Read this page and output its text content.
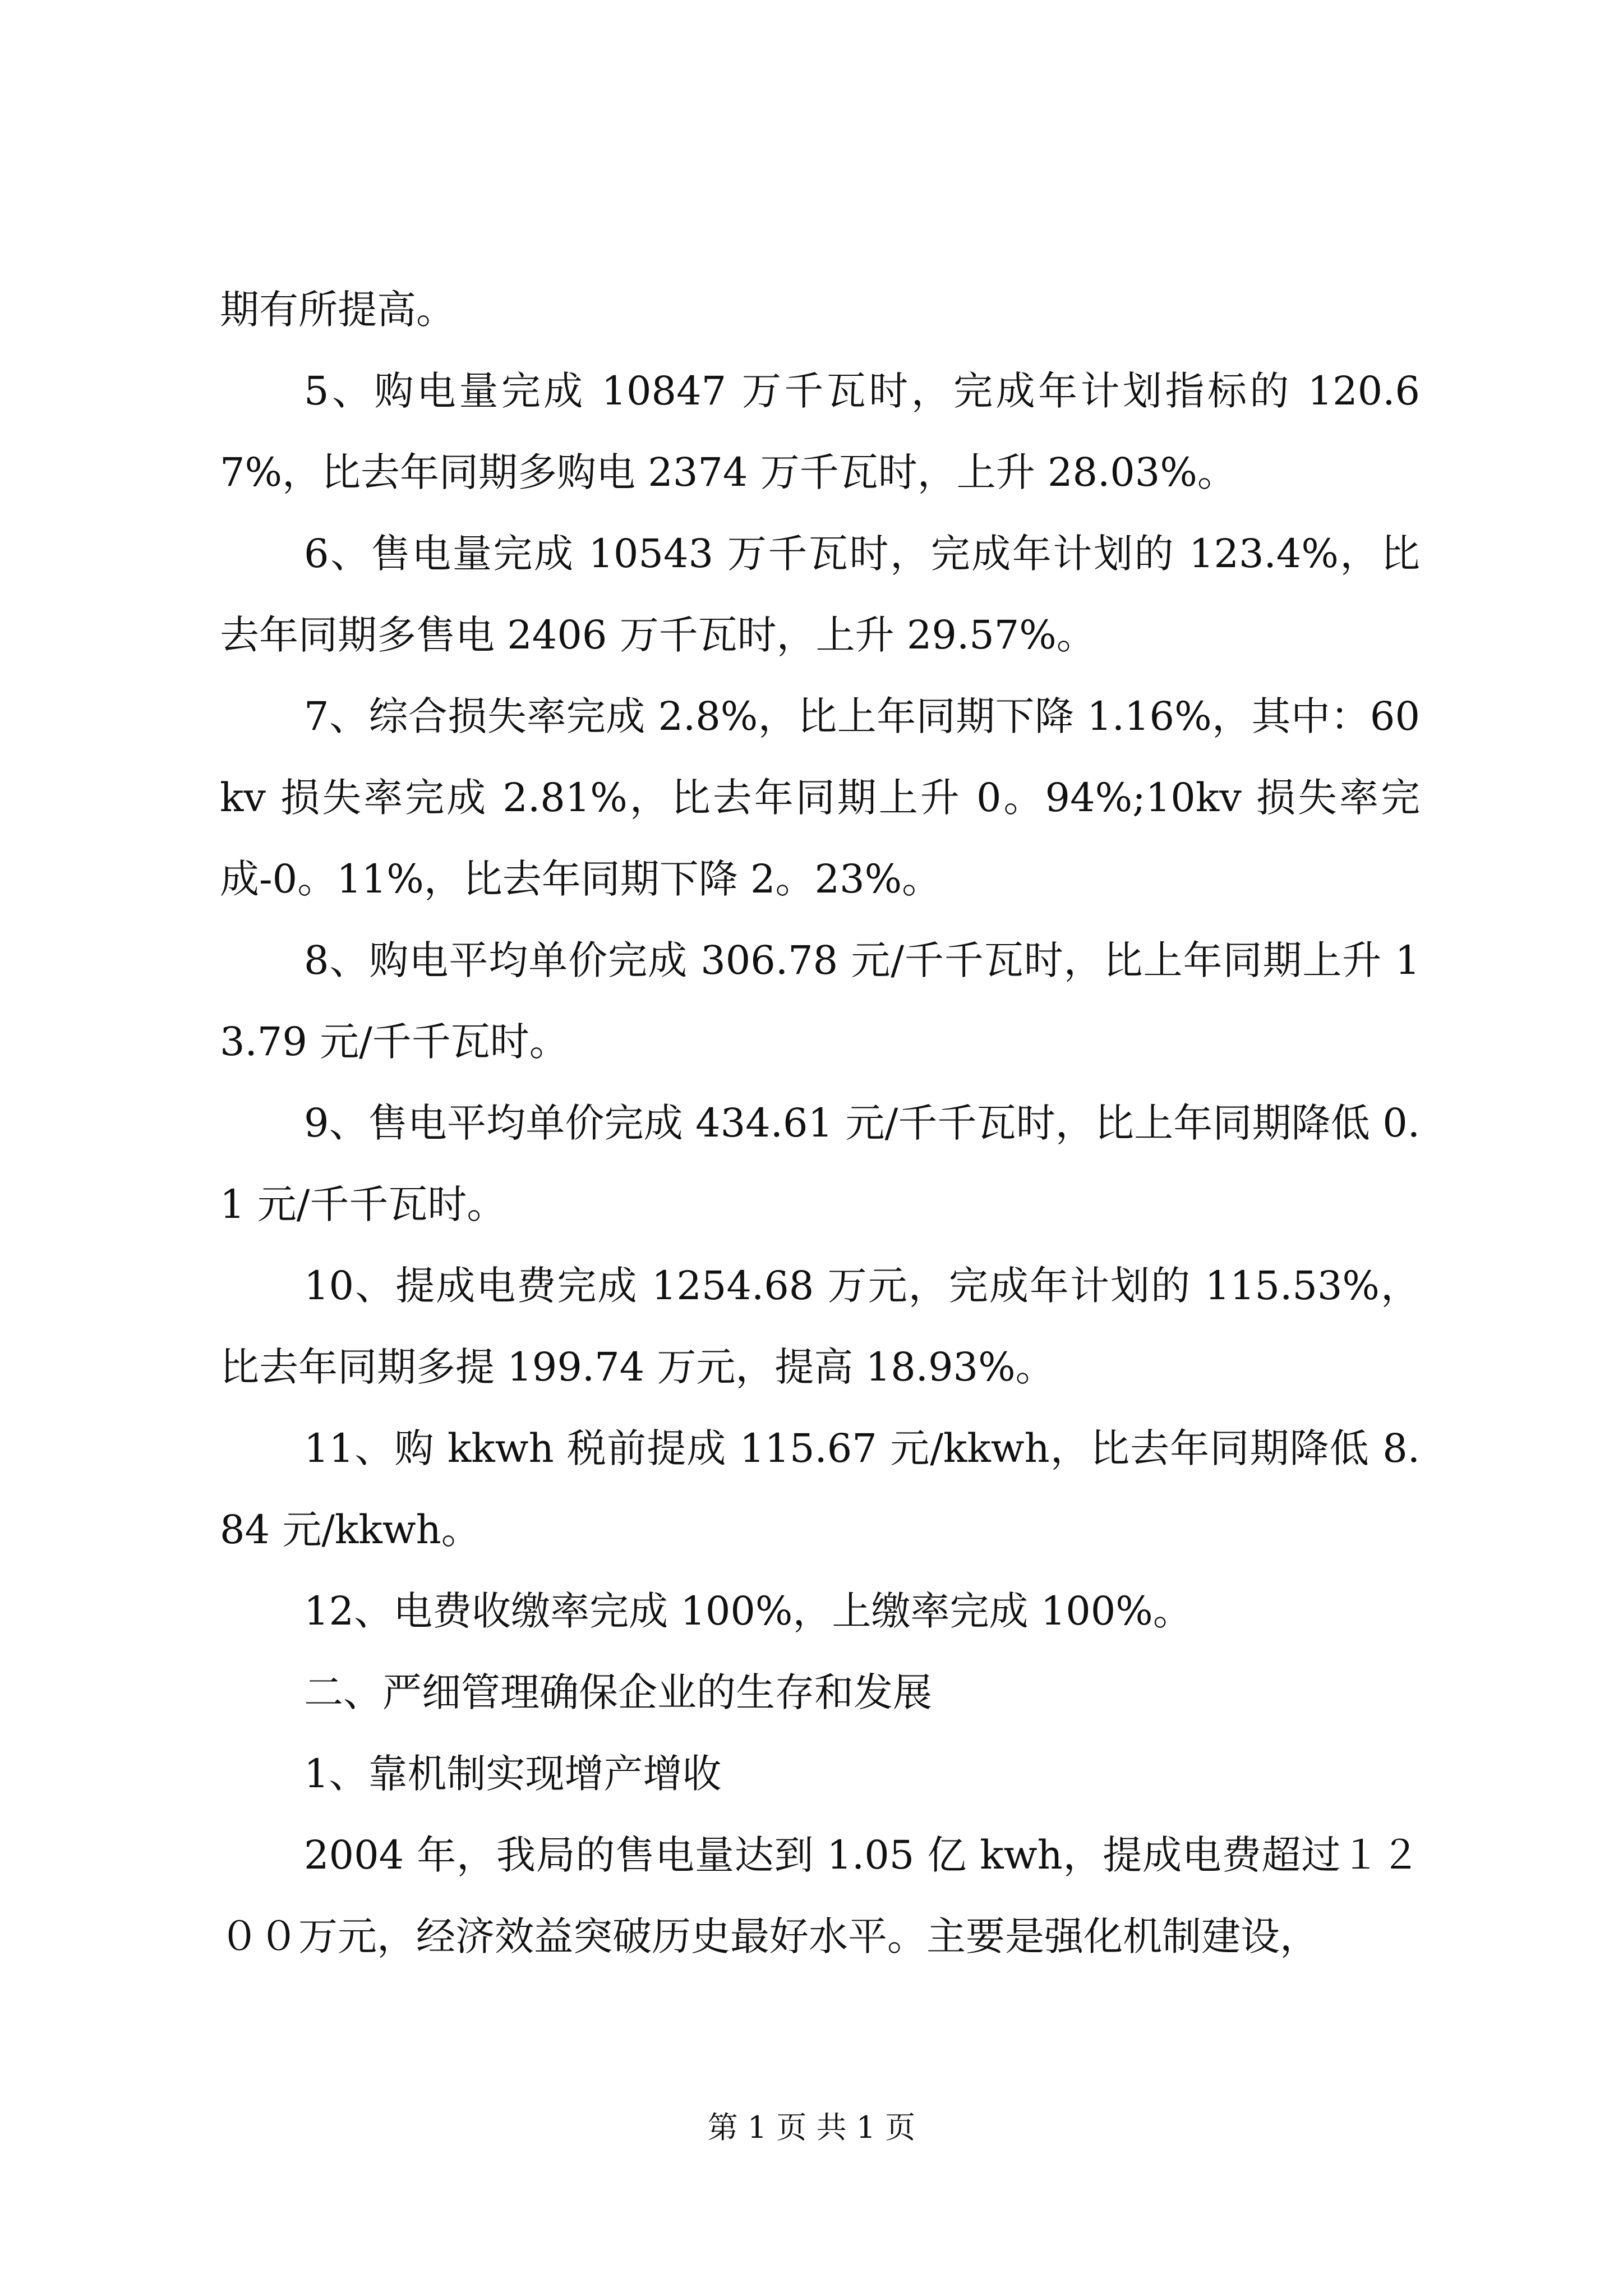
期有所提高。

5、购电量完成 10847 万千瓦时，完成年计划指标的 120.67%，比去年同期多购电 2374 万千瓦时，上升 28.03%。

6、售电量完成 10543 万千瓦时，完成年计划的 123.4%，比去年同期多售电 2406 万千瓦时，上升 29.57%。

7、综合损失率完成 2.8%，比上年同期下降 1.16%，其中：60kv 损失率完成 2.81%，比去年同期上升 0。94%;10kv 损失率完成-0。11%，比去年同期下降 2。23%。

8、购电平均单价完成 306.78 元/千千瓦时，比上年同期上升 13.79 元/千千瓦时。

9、售电平均单价完成 434.61 元/千千瓦时，比上年同期降低 0.1 元/千千瓦时。

10、提成电费完成 1254.68 万元，完成年计划的 115.53%，比去年同期多提 199.74 万元，提高 18.93%。

11、购 kkwh 税前提成 115.67 元/kkwh，比去年同期降低 8.84 元/kkwh。

12、电费收缴率完成 100%，上缴率完成 100%。

二、严细管理确保企业的生存和发展

1、靠机制实现增产增收

2004 年，我局的售电量达到 1.05 亿 kwh，提成电费超过１２００万元，经济效益突破历史最好水平。主要是强化机制建设，

第 1 页 共 1 页
